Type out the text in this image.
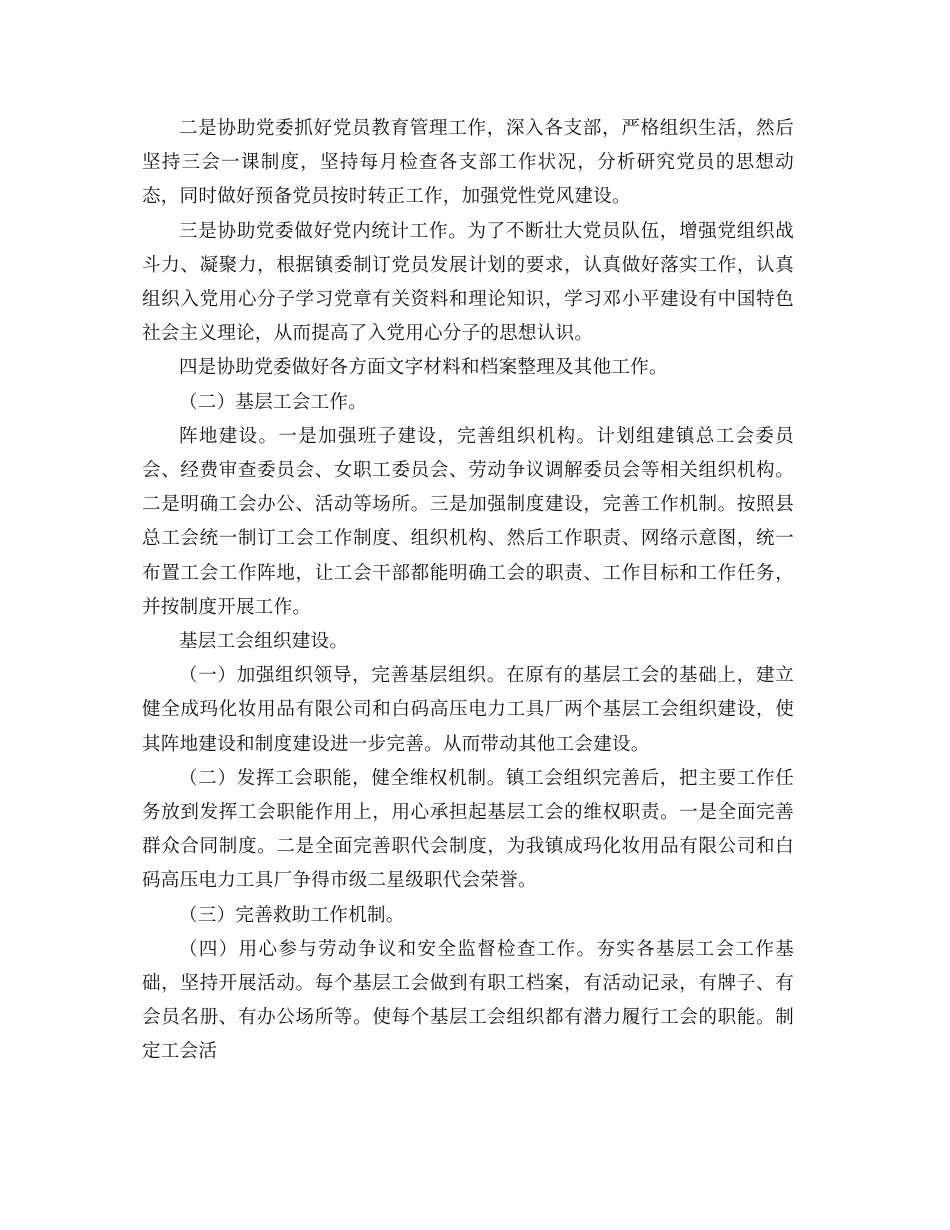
二是协助党委抓好党员教育管理工作，深入各支部，严格组织生活，然后坚持三会一课制度，坚持每月检查各支部工作状况，分析研究党员的思想动态，同时做好预备党员按时转正工作，加强党性党风建设。

三是协助党委做好党内统计工作。为了不断壮大党员队伍，增强党组织战斗力、凝聚力，根据镇委制订党员发展计划的要求，认真做好落实工作，认真组织入党用心分子学习党章有关资料和理论知识，学习邓小平建设有中国特色社会主义理论，从而提高了入党用心分子的思想认识。

四是协助党委做好各方面文字材料和档案整理及其他工作。

（二）基层工会工作。

阵地建设。一是加强班子建设，完善组织机构。计划组建镇总工会委员会、经费审查委员会、女职工委员会、劳动争议调解委员会等相关组织机构。二是明确工会办公、活动等场所。三是加强制度建设，完善工作机制。按照县总工会统一制订工会工作制度、组织机构、然后工作职责、网络示意图，统一布置工会工作阵地，让工会干部都能明确工会的职责、工作目标和工作任务，并按制度开展工作。

基层工会组织建设。

（一）加强组织领导，完善基层组织。在原有的基层工会的基础上，建立健全成玛化妆用品有限公司和白码高压电力工具厂两个基层工会组织建设，使其阵地建设和制度建设进一步完善。从而带动其他工会建设。

（二）发挥工会职能，健全维权机制。镇工会组织完善后，把主要工作任务放到发挥工会职能作用上，用心承担起基层工会的维权职责。一是全面完善群众合同制度。二是全面完善职代会制度，为我镇成玛化妆用品有限公司和白码高压电力工具厂争得市级二星级职代会荣誉。

（三）完善救助工作机制。

（四）用心参与劳动争议和安全监督检查工作。夯实各基层工会工作基础，坚持开展活动。每个基层工会做到有职工档案，有活动记录，有牌子、有会员名册、有办公场所等。使每个基层工会组织都有潜力履行工会的职能。制定工会活
